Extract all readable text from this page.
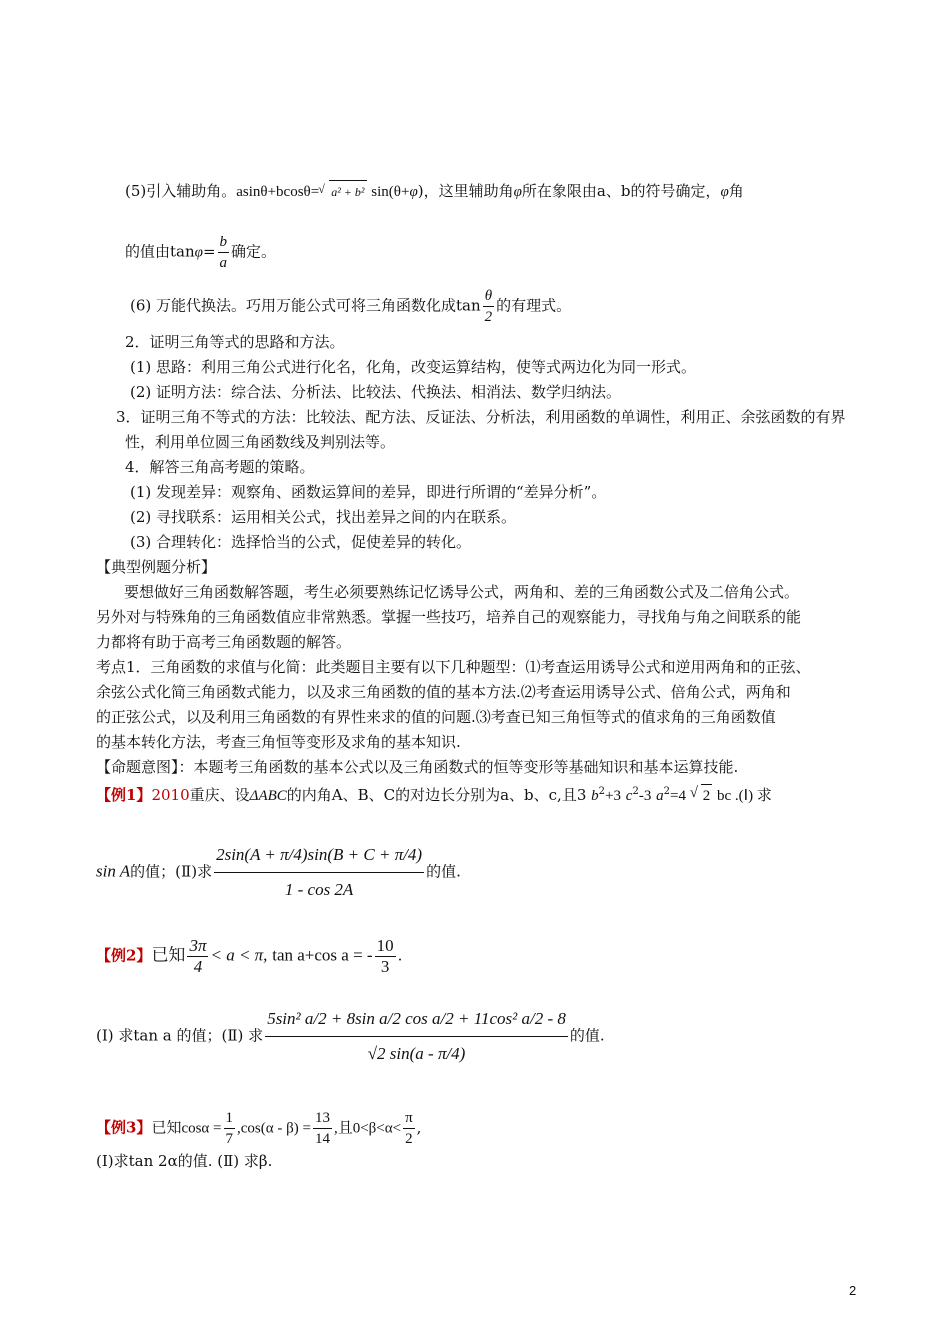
(5)引入辅助角。asinθ+bcosθ= √ a² + b² sin(θ+φ)，这里辅助角φ所在象限由a、b的符号确定，φ角
的值由$\tan\varphi= \frac{b}{a}$ 确定。
(6) 万能代换法。巧用万能公式可将三角函数化成$\tan \frac{\theta}{2}$ 的有理式。
2．证明三角等式的思路和方法。
(1) 思路：利用三角公式进行化名，化角，改变运算结构，使等式两边化为同一形式。
(2) 证明方法：综合法、分析法、比较法、代换法、相消法、数学归纳法。
3．证明三角不等式的方法：比较法、配方法、反证法、分析法，利用函数的单调性，利用正、余弦函数的有界
性，利用单位圆三角函数线及判别法等。
4．解答三角高考题的策略。
(1) 发现差异：观察角、函数运算间的差异，即进行所谓的“差异分析”。
(2) 寻找联系：运用相关公式，找出差异之间的内在联系。
(3) 合理转化：选择恰当的公式，促使差异的转化。
【典型例题分析】
要想做好三角函数解答题，考生必须要熟练记忆诱导公式，两角和、差的三角函数公式及二倍角公式。
另外对与特殊角的三角函数值应非常熟悉。掌握一些技巧，培养自己的观察能力，寻找角与角之间联系的能
力都将有助于高考三角函数题的解答。
考点1．三角函数的求值与化简：此类题目主要有以下几种题型：⑴考查运用诱导公式和逆用两角和的正弦、
余弦公式化简三角函数式能力，以及求三角函数的值的基本方法.⑵考查运用诱导公式、倍角公式，两角和
的正弦公式，以及利用三角函数的有界性来求的值的问题.⑶考查已知三角恒等式的值求角的三角函数值
的基本转化方法，考查三角恒等变形及求角的基本知识.
【命题意图】：本题考三角函数的基本公式以及三角函数式的恒等变形等基础知识和基本运算技能.
【例1】2010重庆、设ΔABC的内角A、B、C的对边长分别为a、b、c,且3 $b^2+3$ $c^2-3$ $a^2=4$ √ 2 bc .(Ⅰ) 求
sin A的值；(Ⅱ)求 $\frac{2\sin(A + \pi/4)\sin(B + C + \pi/4)}{1 - \cos 2A}$ 的值.
【例2】已知 $\frac{3\pi}{4} < a < \pi$, tan a+cos a = - $\frac{10}{3}$ .
(Ⅰ) 求tan a 的值；(Ⅱ) 求 $\frac{\text{5sin² a/2 + 8sin a/2 cos a/2 + 11cos² a/2 - 8}}{√2 \sin(a - \pi/4)}$ 的值.
【例3】已知$\cos\alpha = \frac{1}{7} ,\cos(\alpha - \beta) = \frac{13}{14}$ ,且$0<\beta<\alpha< \frac{\pi}{2}$ ,
(Ⅰ)求tan 2α的值. (Ⅱ) 求β.
2
